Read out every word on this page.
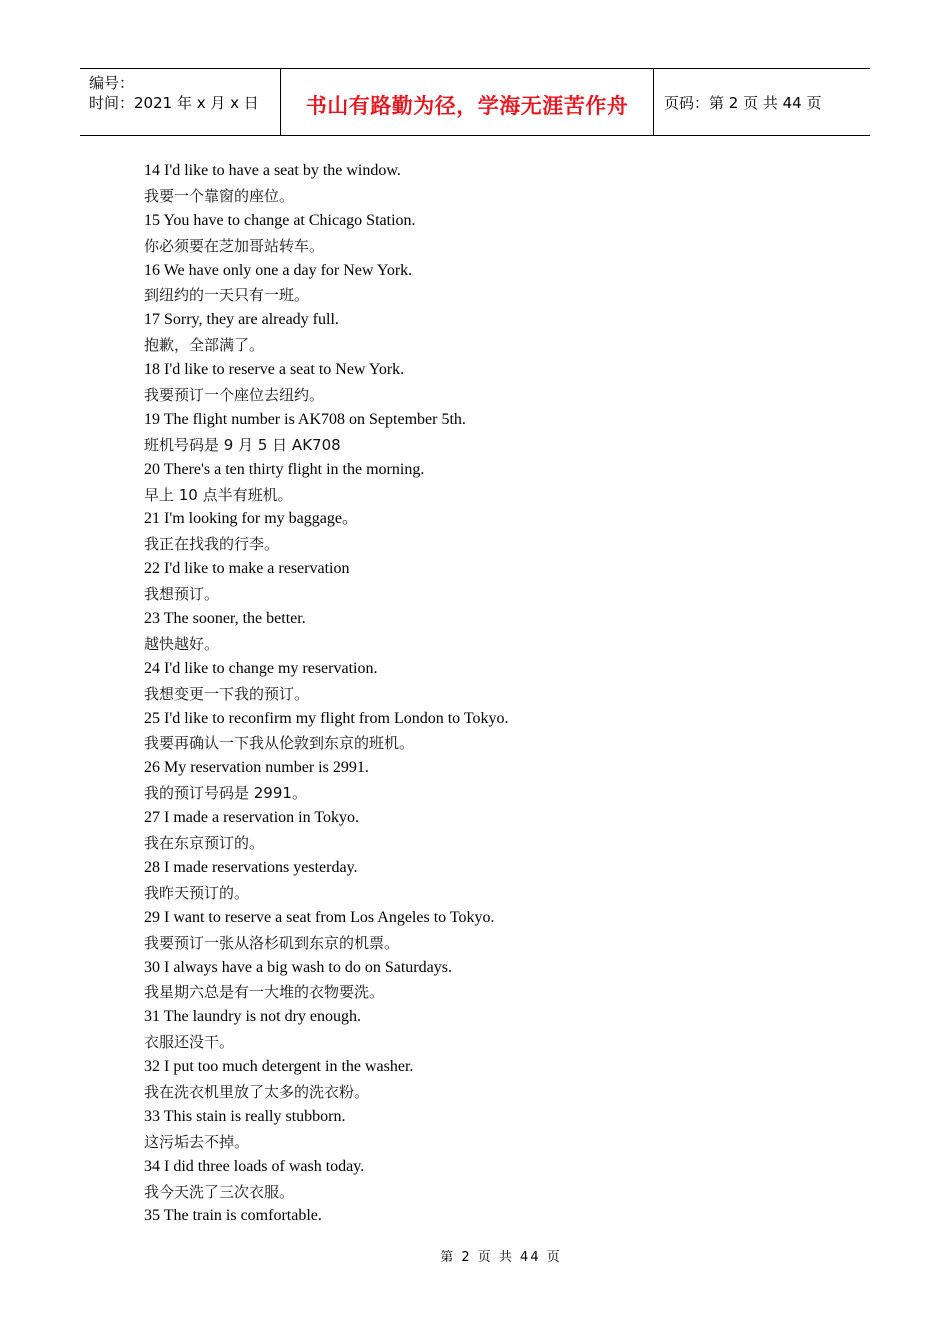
编号：
时间：2021 年 x 月 x 日	书山有路勤为径，学海无涯苦作舟 页码：第 2 页 共 44 页
14 I'd like to have a seat by the window.
我要一个靠窗的座位。
15 You have to change at Chicago Station.
你必须要在芝加哥站转车。
16 We have only one a day for New York.
到纽约的一天只有一班。
17 Sorry, they are already full.
抱歉，全部满了。
18 I'd like to reserve a seat to New York.
我要预订一个座位去纽约。
19 The flight number is AK708 on September 5th.
班机号码是 9 月 5 日 AK708
20 There's a ten thirty flight in the morning.
早上 10 点半有班机。
21 I'm looking for my baggage。
我正在找我的行李。
22 I'd like to make a reservation
我想预订。
23 The sooner, the better.
越快越好。
24 I'd like to change my reservation.
我想变更一下我的预订。
25 I'd like to reconfirm my flight from London to Tokyo.
我要再确认一下我从伦敦到东京的班机。
26 My reservation number is 2991.
我的预订号码是 2991。
27 I made a reservation in Tokyo.
我在东京预订的。
28 I made reservations yesterday.
我昨天预订的。
29 I want to reserve a seat from Los Angeles to Tokyo.
我要预订一张从洛杉矶到东京的机票。
30 I always have a big wash to do on Saturdays.
我星期六总是有一大堆的衣物要洗。
31 The laundry is not dry enough.
衣服还没干。
32 I put too much detergent in the washer.
我在洗衣机里放了太多的洗衣粉。
33 This stain is really stubborn.
这污垢去不掉。
34 I did three loads of wash today.
我今天洗了三次衣服。
35 The train is comfortable.
第 2 页 共 44 页
